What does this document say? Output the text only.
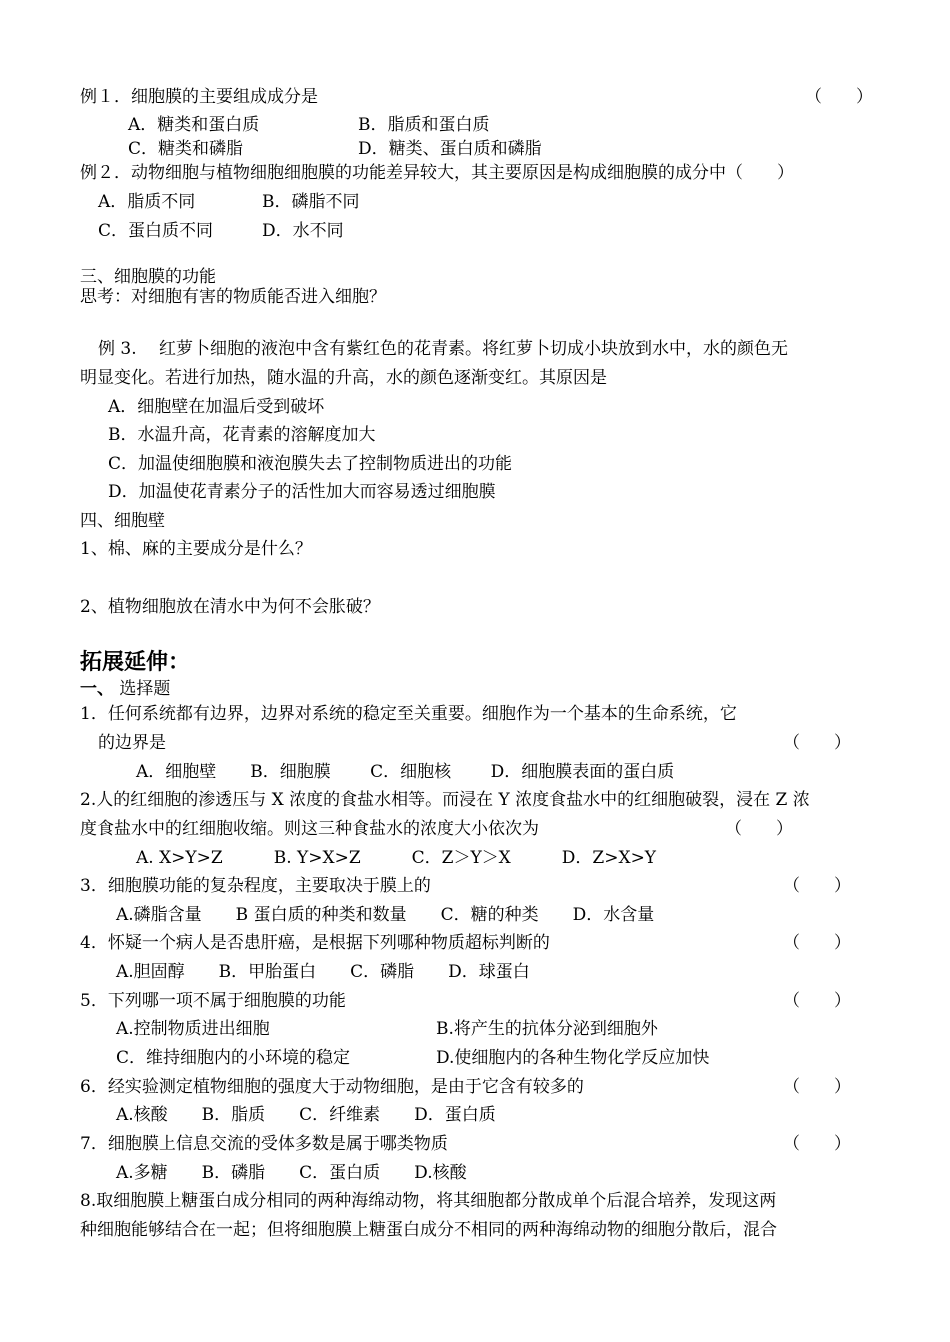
例１．细胞膜的主要组成成分是	（　　）
A．糖类和蛋白质	B．脂质和蛋白质
C．糖类和磷脂	D．糖类、蛋白质和磷脂
例２．动物细胞与植物细胞细胞膜的功能差异较大，其主要原因是构成细胞膜的成分中（　　）
A．脂质不同	B．磷脂不同
C．蛋白质不同	D．水不同
三、细胞膜的功能
思考：对细胞有害的物质能否进入细胞？
例 3.　 红萝卜细胞的液泡中含有紫红色的花青素。将红萝卜切成小块放到水中，水的颜色无
明显变化。若进行加热，随水温的升高，水的颜色逐渐变红。其原因是
A．细胞壁在加温后受到破坏
B．水温升高，花青素的溶解度加大
C．加温使细胞膜和液泡膜失去了控制物质进出的功能
D．加温使花青素分子的活性加大而容易透过细胞膜
四、细胞壁
1、棉、麻的主要成分是什么？
2、植物细胞放在清水中为何不会胀破？
拓展延伸：
一、 选择题
1．任何系统都有边界，边界对系统的稳定至关重要。细胞作为一个基本的生命系统，它
的边界是	（　　）
A．细胞壁　　B．细胞膜　　 C．细胞核　　 D．细胞膜表面的蛋白质
2.人的红细胞的渗透压与 X 浓度的食盐水相等。而浸在 Y 浓度食盐水中的红细胞破裂，浸在 Z 浓
度食盐水中的红细胞收缩。则这三种食盐水的浓度大小依次为	（　　）
A. X>Y>Z　　　B. Y>X>Z　　　C．Z＞Y＞X　　　D．Z>X>Y
3．细胞膜功能的复杂程度，主要取决于膜上的	（　　）
A.磷脂含量　　B 蛋白质的种类和数量　　C．糖的种类　　D．水含量
4．怀疑一个病人是否患肝癌，是根据下列哪种物质超标判断的	（　　）
A.胆固醇　　B．甲胎蛋白　　C．磷脂　　D．球蛋白
5．下列哪一项不属于细胞膜的功能	（　　）
A.控制物质进出细胞	B.将产生的抗体分泌到细胞外
C．维持细胞内的小环境的稳定	D.使细胞内的各种生物化学反应加快
6．经实验测定植物细胞的强度大于动物细胞，是由于它含有较多的	（　　）
A.核酸　　B．脂质　　C．纤维素　　D．蛋白质
7．细胞膜上信息交流的受体多数是属于哪类物质	（　　）
A.多糖　　B．磷脂　　C．蛋白质　　D.核酸
8.取细胞膜上糖蛋白成分相同的两种海绵动物，将其细胞都分散成单个后混合培养，发现这两
种细胞能够结合在一起；但将细胞膜上糖蛋白成分不相同的两种海绵动物的细胞分散后，混合
